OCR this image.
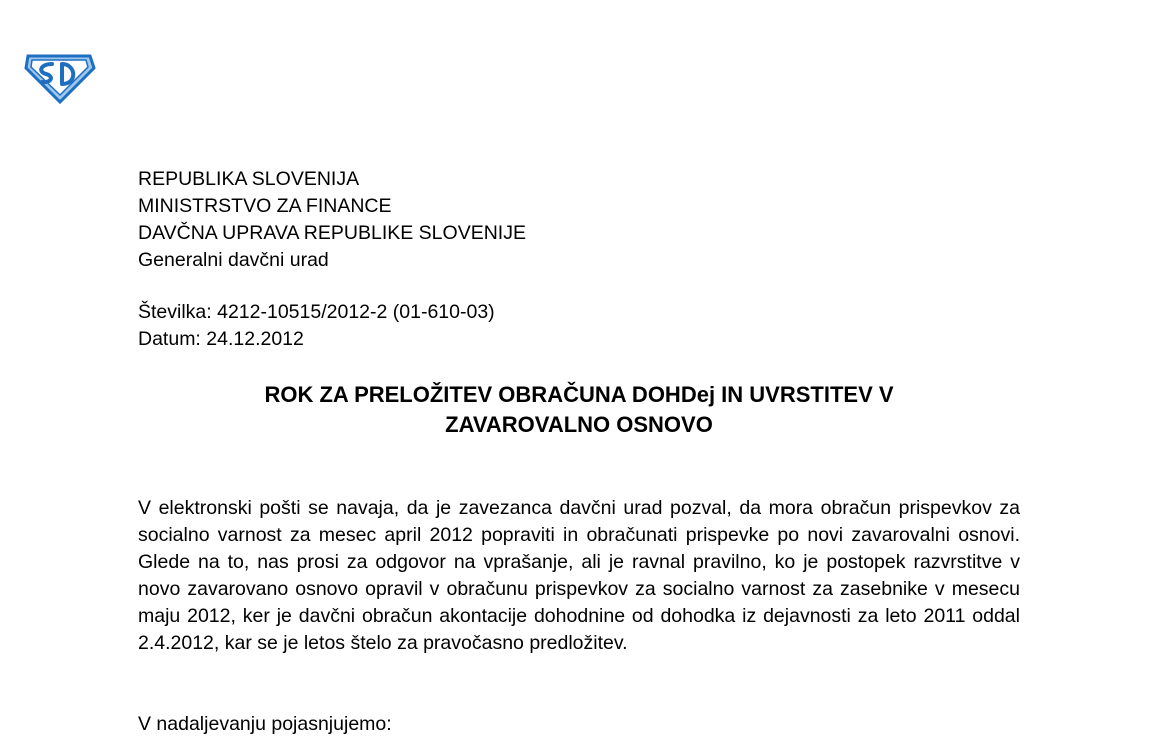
REPUBLIKA SLOVENIJA
MINISTRSTVO ZA FINANCE
DAVČNA UPRAVA REPUBLIKE SLOVENIJE
Generalni davčni urad
Številka: 4212-10515/2012-2 (01-610-03)
Datum: 24.12.2012
ROK ZA PRELOŽITEV OBRAČUNA DOHDej IN UVRSTITEV V
ZAVAROVALNO OSNOVO
V elektronski pošti se navaja, da je zavezanca davčni urad pozval, da mora obračun prispevkov za socialno varnost za mesec april 2012 popraviti in obračunati prispevke po novi zavarovalni osnovi. Glede na to, nas prosi za odgovor na vprašanje, ali je ravnal pravilno, ko je postopek razvrstitve v novo zavarovano osnovo opravil v obračunu prispevkov za socialno varnost za zasebnike v mesecu maju 2012, ker je davčni obračun akontacije dohodnine od dohodka iz dejavnosti za leto 2011 oddal 2.4.2012, kar se je letos štelo za pravočasno predložitev.
V nadaljevanju pojasnjujemo:
